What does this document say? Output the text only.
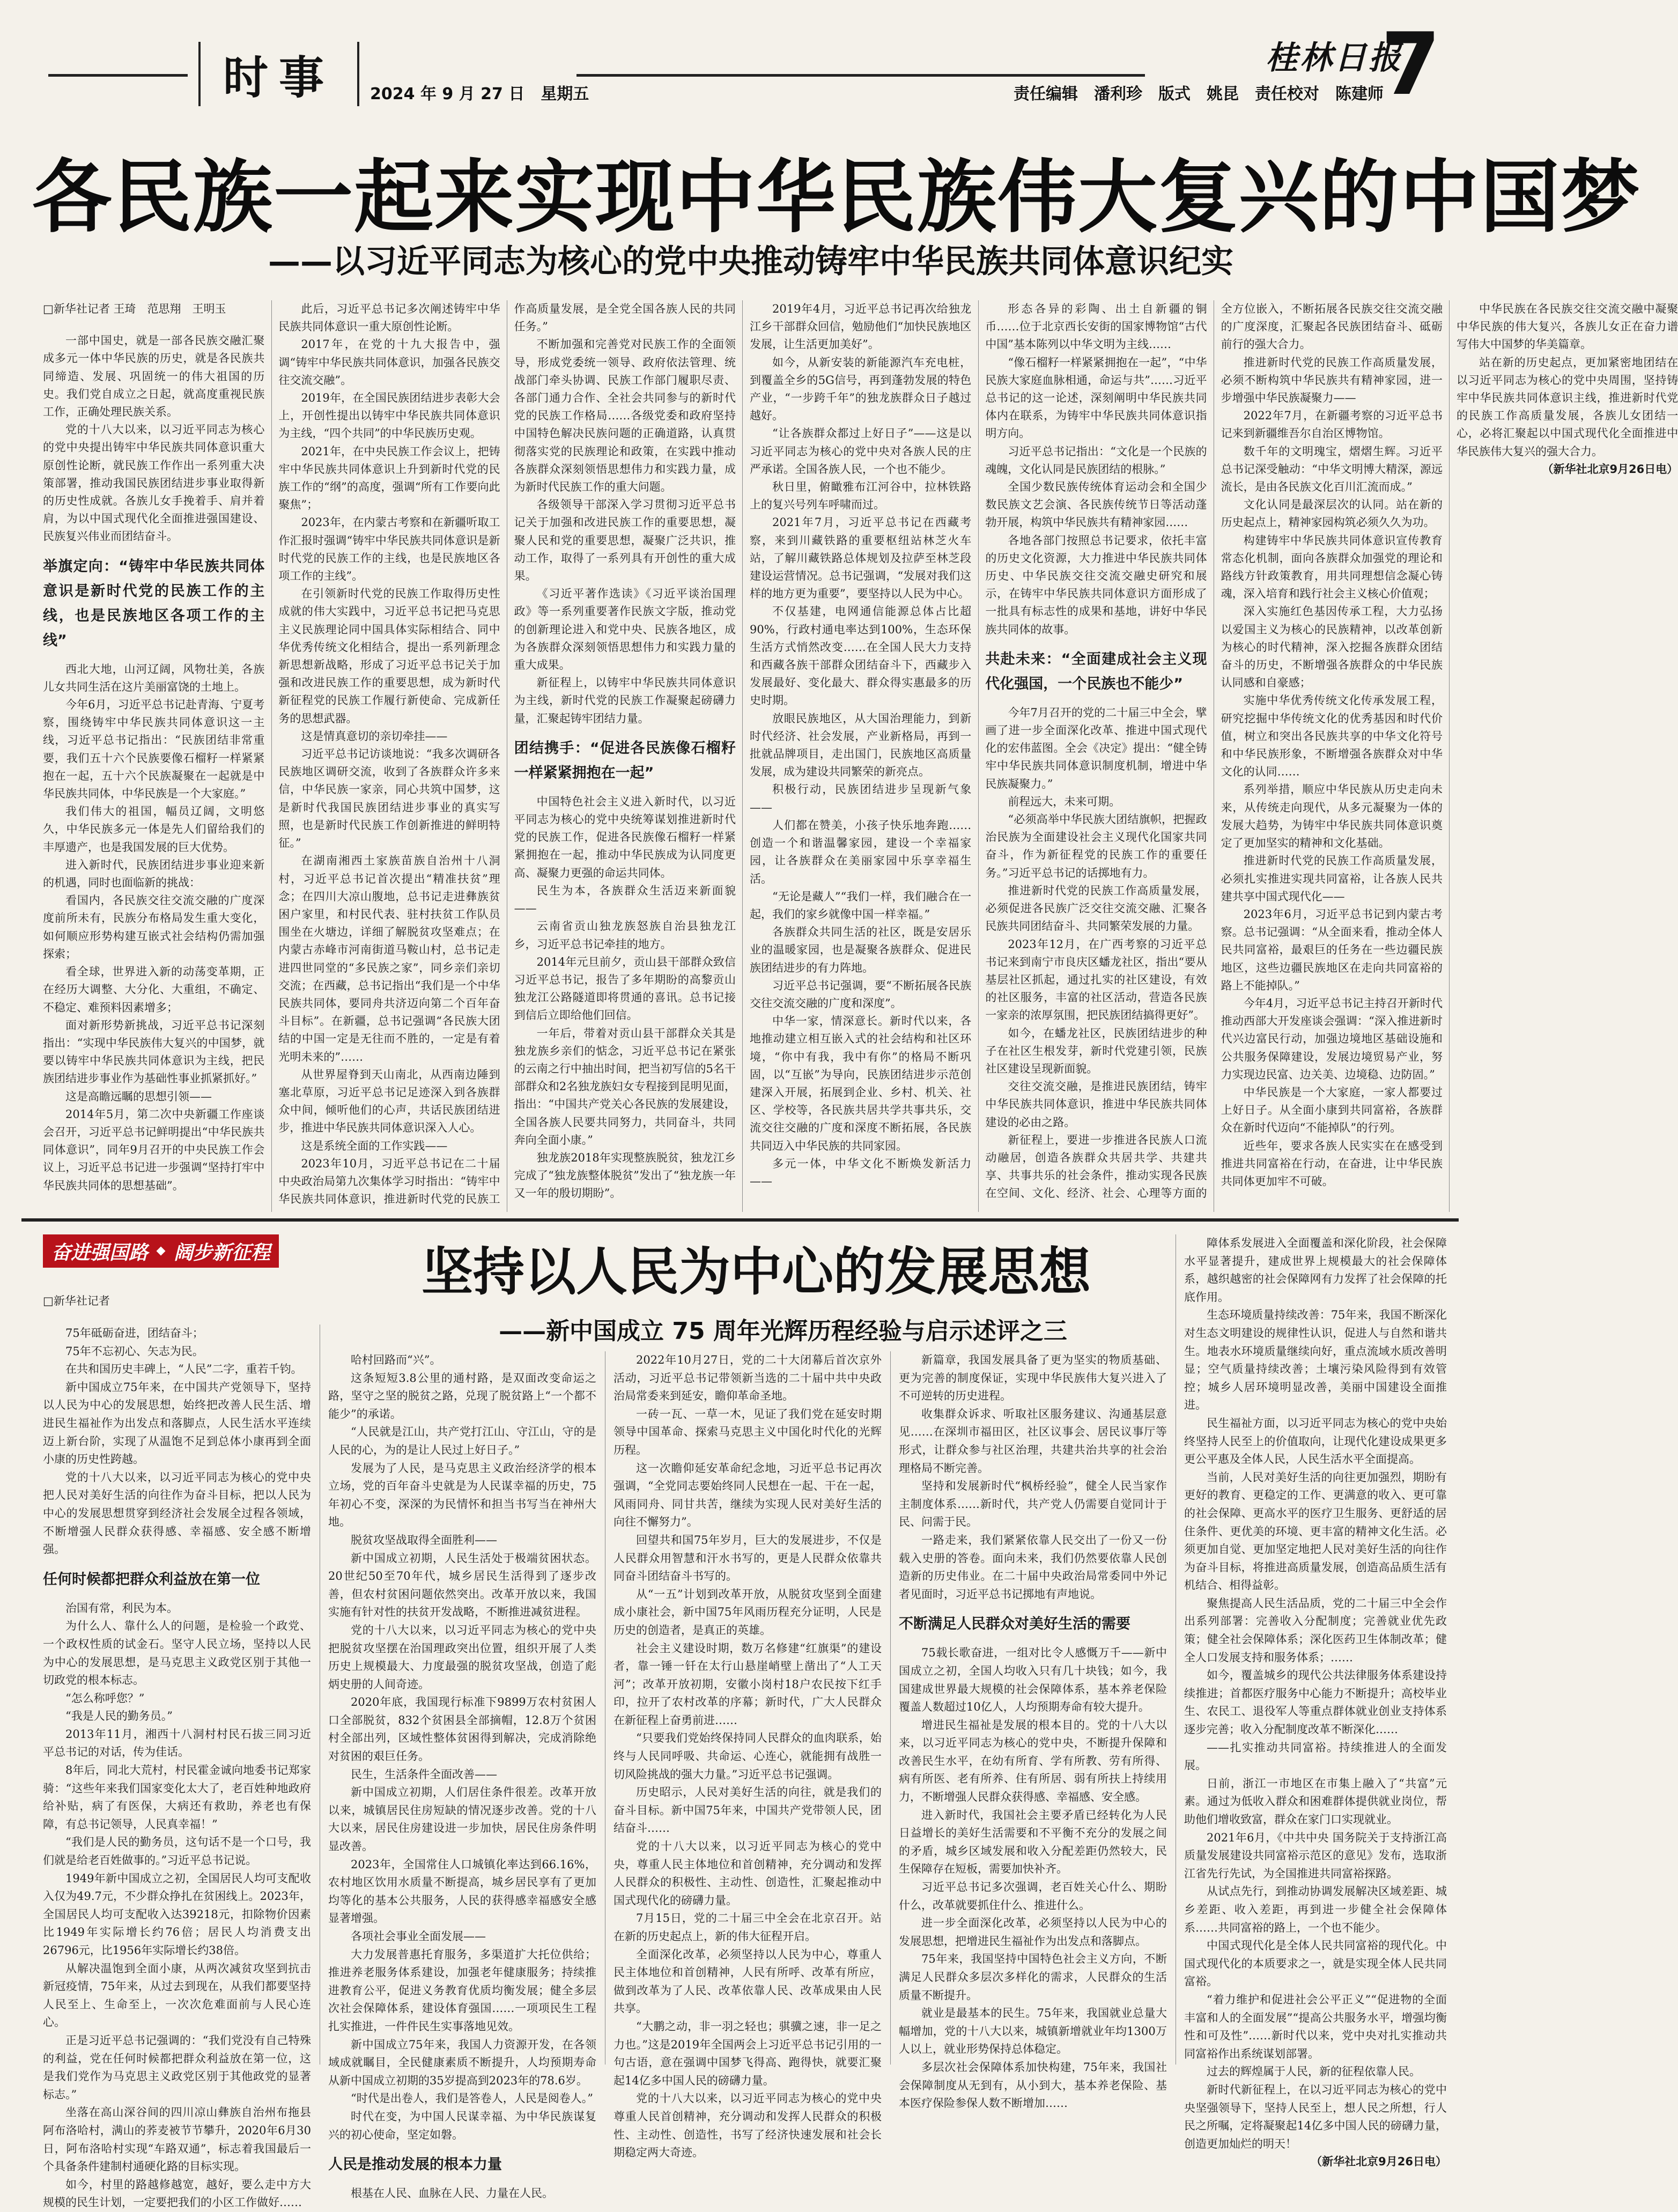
时事 2024 年 9 月 27 日　星期五
桂林日报
责任编辑　潘利珍　版式　姚昆　责任校对　陈建师
7
各民族一起来实现中华民族伟大复兴的中国梦
——以习近平同志为核心的党中央推动铸牢中华民族共同体意识纪实
□新华社记者 王琦　范思翔　王明玉

一部中国史，就是一部各民族交融汇聚成多元一体中华民族的历史，就是各民族共同缔造、发展、巩固统一的伟大祖国的历史。我们党自成立之日起，就高度重视民族工作，正确处理民族关系。

党的十八大以来，以习近平同志为核心的党中央提出铸牢中华民族共同体意识重大原创性论断，就民族工作作出一系列重大决策部署，推动我国民族团结进步事业取得新的历史性成就。各族儿女手挽着手、肩并着肩，为以中国式现代化全面推进强国建设、民族复兴伟业而团结奋斗。

举旗定向：“铸牢中华民族共同体意识是新时代党的民族工作的主线，也是民族地区各项工作的主线”

西北大地，山河辽阔，风物壮美，各族儿女共同生活在这片美丽富饶的土地上。

今年6月，习近平总书记赴青海、宁夏考察，围绕铸牢中华民族共同体意识这一主线，习近平总书记指出：“民族团结非常重要，我们五十六个民族要像石榴籽一样紧紧抱在一起，五十六个民族凝聚在一起就是中华民族共同体，中华民族是一个大家庭。”

我们伟大的祖国，幅员辽阔，文明悠久，中华民族多元一体是先人们留给我们的丰厚遗产，也是我国发展的巨大优势。

进入新时代，民族团结进步事业迎来新的机遇，同时也面临新的挑战：

看国内，各民族交往交流交融的广度深度前所未有，民族分布格局发生重大变化，如何顺应形势构建互嵌式社会结构仍需加强探索；

看全球，世界进入新的动荡变革期，正在经历大调整、大分化、大重组，不确定、不稳定、难预料因素增多；

面对新形势新挑战，习近平总书记深刻指出：“实现中华民族伟大复兴的中国梦，就要以铸牢中华民族共同体意识为主线，把民族团结进步事业作为基础性事业抓紧抓好。”

这是高瞻远瞩的思想引领——

2014年5月，第二次中央新疆工作座谈会召开，习近平总书记鲜明提出“中华民族共同体意识”，同年9月召开的中央民族工作会议上，习近平总书记进一步强调“坚持打牢中华民族共同体的思想基础”。

此后，习近平总书记多次阐述铸牢中华民族共同体意识一重大原创性论断。

2017年，在党的十九大报告中，强调“铸牢中华民族共同体意识，加强各民族交往交流交融”。

2019年，在全国民族团结进步表彰大会上，开创性提出以铸牢中华民族共同体意识为主线，“四个共同”的中华民族历史观。

2021年，在中央民族工作会议上，把铸牢中华民族共同体意识上升到新时代党的民族工作的“纲”的高度，强调“所有工作要向此聚焦”；

2023年，在内蒙古考察和在新疆听取工作汇报时强调“铸牢中华民族共同体意识是新时代党的民族工作的主线，也是民族地区各项工作的主线”。

在引领新时代党的民族工作取得历史性成就的伟大实践中，习近平总书记把马克思主义民族理论同中国具体实际相结合、同中华优秀传统文化相结合，提出一系列新理念新思想新战略，形成了习近平总书记关于加强和改进民族工作的重要思想，成为新时代新征程党的民族工作履行新使命、完成新任务的思想武器。

这是情真意切的亲切牵挂——

习近平总书记访谈地说：“我多次调研各民族地区调研交流，收到了各族群众许多来信，中华民族一家亲，同心共筑中国梦，这是新时代我国民族团结进步事业的真实写照，也是新时代民族工作创新推进的鲜明特征。”

在湖南湘西土家族苗族自治州十八洞村，习近平总书记首次提出“精准扶贫”理念；在四川大凉山腹地，总书记走进彝族贫困户家里，和村民代表、驻村扶贫工作队员围坐在火塘边，详细了解脱贫攻坚难点；在内蒙古赤峰市河南街道马鞍山村，总书记走进四世同堂的“多民族之家”，同乡亲们亲切交流；在西藏，总书记指出“我们是一个中华民族共同体，要同舟共济迈向第二个百年奋斗目标”。在新疆，总书记强调“各民族大团结的中国一定是无往而不胜的，一定是有着光明未来的”……

从世界屋脊到天山南北，从西南边陲到塞北草原，习近平总书记足迹深入到各族群众中间，倾听他们的心声，共话民族团结进步，推进中华民族共同体意识深入人心。

这是系统全面的工作实践——

2023年10月，习近平总书记在二十届中央政治局第九次集体学习时指出：“铸牢中华民族共同体意识，推进新时代党的民族工作高质量发展，是全党全国各族人民的共同任务。”

不断加强和完善党对民族工作的全面领导，形成党委统一领导、政府依法管理、统战部门牵头协调、民族工作部门履职尽责、各部门通力合作、全社会共同参与的新时代党的民族工作格局……各级党委和政府坚持中国特色解决民族问题的正确道路，认真贯彻落实党的民族理论和政策，在实践中推动各族群众深刻领悟思想伟力和实践力量，成为新时代民族工作的重大问题。

各级领导干部深入学习贯彻习近平总书记关于加强和改进民族工作的重要思想，凝聚人民和党的重要思想，凝聚广泛共识，推动工作，取得了一系列具有开创性的重大成果。

《习近平著作选读》《习近平谈治国理政》等一系列重要著作民族文字版，推动党的创新理论进入和党中央、民族各地区，成为各族群众深刻领悟思想伟力和实践力量的重大成果。

新征程上，以铸牢中华民族共同体意识为主线，新时代党的民族工作凝聚起磅礴力量，汇聚起铸牢团结力量。

团结携手：“促进各民族像石榴籽一样紧紧拥抱在一起”

中国特色社会主义进入新时代，以习近平同志为核心的党中央统筹谋划推进新时代党的民族工作，促进各民族像石榴籽一样紧紧拥抱在一起，推动中华民族成为认同度更高、凝聚力更强的命运共同体。

民生为本，各族群众生活迈来新面貌——

云南省贡山独龙族怒族自治县独龙江乡，习近平总书记牵挂的地方。

2014年元旦前夕，贡山县干部群众致信习近平总书记，报告了多年期盼的高黎贡山独龙江公路隧道即将贯通的喜讯。总书记接到信后立即给他们回信。

一年后，带着对贡山县干部群众关其是独龙族乡亲们的惦念，习近平总书记在紧张的云南之行中抽出时间，把当初写信的5名干部群众和2名独龙族妇女专程接到昆明见面，指出：“中国共产党关心各民族的发展建设，全国各族人民要共同努力，共同奋斗，共同奔向全面小康。”

独龙族2018年实现整族脱贫，独龙江乡完成了“独龙族整体脱贫”发出了“独龙族一年又一年的殷切期盼”。

2019年4月，习近平总书记再次给独龙江乡干部群众回信，勉励他们“加快民族地区发展，让生活更加美好”。

如今，从新安装的新能源汽车充电桩，到覆盖全乡的5G信号，再到蓬勃发展的特色产业，“一步跨千年”的独龙族群众日子越过越好。

“让各族群众都过上好日子”——这是以习近平同志为核心的党中央对各族人民的庄严承诺。全国各族人民，一个也不能少。

秋日里，俯瞰雅布江河谷中，拉林铁路上的复兴号列车呼啸而过。

2021年7月，习近平总书记在西藏考察，来到川藏铁路的重要枢纽站林芝火车站，了解川藏铁路总体规划及拉萨至林芝段建设运营情况。总书记强调，“发展对我们这样的地方更为重要”，要坚持以人民为中心。

不仅基建，电网通信能源总体占比超90%，行政村通电率达到100%，生态环保生活方式悄然改变……在全国人民大力支持和西藏各族干部群众团结奋斗下，西藏步入发展最好、变化最大、群众得实惠最多的历史时期。

放眼民族地区，从大国治理能力，到新时代经济、社会发展，产业新格局，再到一批就品牌项目，走出国门，民族地区高质量发展，成为建设共同繁荣的新亮点。

积极行动，民族团结进步呈现新气象——

人们都在赞美，小孩子快乐地奔跑……创造一个和谐温馨家园，建设一个幸福家园，让各族群众在美丽家园中乐享幸福生活。

“无论是藏人”“我们一样，我们融合在一起，我们的家乡就像中国一样幸福。”

各族群众共同生活的社区，既是安居乐业的温暖家园，也是凝聚各族群众、促进民族团结进步的有力阵地。

习近平总书记强调，要“不断拓展各民族交往交流交融的广度和深度”。

中华一家，情深意长。新时代以来，各地推动建立相互嵌入式的社会结构和社区环境，“你中有我，我中有你”的格局不断巩固，以“互嵌”为导向，民族团结进步示范创建深入开展，拓展到企业、乡村、机关、社区、学校等，各民族共居共学共事共乐，交流交往交融的广度和深度不断拓展，各民族共同迈入中华民族的共同家园。

多元一体，中华文化不断焕发新活力——

形态各异的彩陶、出土自新疆的铜币……位于北京西长安街的国家博物馆“古代中国”基本陈列以中华文明为主线……

“像石榴籽一样紧紧拥抱在一起”，“中华民族大家庭血脉相通，命运与共”……习近平总书记的这一论述，深刻阐明中华民族共同体内在联系，为铸牢中华民族共同体意识指明方向。

习近平总书记指出：“文化是一个民族的魂魄，文化认同是民族团结的根脉。”

全国少数民族传统体育运动会和全国少数民族文艺会演、各民族传统节日等活动蓬勃开展，构筑中华民族共有精神家园……

各地各部门按照总书记要求，依托丰富的历史文化资源，大力推进中华民族共同体历史、中华民族交往交流交融史研究和展示，在铸牢中华民族共同体意识方面形成了一批具有标志性的成果和基地，讲好中华民族共同体的故事。

共赴未来：“全面建成社会主义现代化强国，一个民族也不能少”

今年7月召开的党的二十届三中全会，擘画了进一步全面深化改革、推进中国式现代化的宏伟蓝图。全会《决定》提出：“健全铸牢中华民族共同体意识制度机制，增进中华民族凝聚力。”

前程远大，未来可期。

“必须高举中华民族大团结旗帜，把握政治民族为全面建设社会主义现代化国家共同奋斗，作为新征程党的民族工作的重要任务。”习近平总书记的话掷地有力。

推进新时代党的民族工作高质量发展，必须促进各民族广泛交往交流交融、汇聚各民族共同团结奋斗、共同繁荣发展的力量。

2023年12月，在广西考察的习近平总书记来到南宁市良庆区蟠龙社区，指出“要从基层社区抓起，通过扎实的社区建设，有效的社区服务，丰富的社区活动，营造各民族一家亲的浓厚氛围，把民族团结搞得更好”。

如今，在蟠龙社区，民族团结进步的种子在社区生根发芽，新时代党建引领，民族社区建设呈现新面貌。

交往交流交融，是推进民族团结，铸牢中华民族共同体意识，推进中华民族共同体建设的必由之路。

新征程上，要进一步推进各民族人口流动融居，创造各族群众共居共学、共建共享、共事共乐的社会条件，推动实现各民族在空间、文化、经济、社会、心理等方面的全方位嵌入，不断拓展各民族交往交流交融的广度深度，汇聚起各民族团结奋斗、砥砺前行的强大合力。

推进新时代党的民族工作高质量发展，必须不断构筑中华民族共有精神家园，进一步增强中华民族凝聚力——

2022年7月，在新疆考察的习近平总书记来到新疆维吾尔自治区博物馆。

数千年的文明瑰宝，熠熠生辉。习近平总书记深受触动：“中华文明博大精深，源远流长，是由各民族文化百川汇流而成。”

文化认同是最深层次的认同。站在新的历史起点上，精神家园构筑必须久久为功。

构建铸牢中华民族共同体意识宣传教育常态化机制，面向各族群众加强党的理论和路线方针政策教育，用共同理想信念凝心铸魂，深入培育和践行社会主义核心价值观；

深入实施红色基因传承工程，大力弘扬以爱国主义为核心的民族精神，以改革创新为核心的时代精神，深入挖掘各族群众团结奋斗的历史，不断增强各族群众的中华民族认同感和自豪感；

实施中华优秀传统文化传承发展工程，研究挖掘中华传统文化的优秀基因和时代价值，树立和突出各民族共享的中华文化符号和中华民族形象，不断增强各族群众对中华文化的认同……

系列举措，顺应中华民族从历史走向未来，从传统走向现代，从多元凝聚为一体的发展大趋势，为铸牢中华民族共同体意识奠定了更加坚实的精神和文化基础。

推进新时代党的民族工作高质量发展，必须扎实推进实现共同富裕，让各族人民共建共享中国式现代化——

2023年6月，习近平总书记到内蒙古考察。总书记强调：“从全面来看，推动全体人民共同富裕，最艰巨的任务在一些边疆民族地区，这些边疆民族地区在走向共同富裕的路上不能掉队。”

今年4月，习近平总书记主持召开新时代推动西部大开发座谈会强调：“深入推进新时代兴边富民行动，加强边境地区基础设施和公共服务保障建设，发展边境贸易产业，努力实现边民富、边关美、边境稳、边防固。”

中华民族是一个大家庭，一家人都要过上好日子。从全面小康到共同富裕，各族群众在新时代迈向“不能掉队”的行列。

近些年，要求各族人民实实在在感受到推进共同富裕在行动，在奋进，让中华民族共同体更加牢不可破。

中华民族在各民族交往交流交融中凝聚中华民族的伟大复兴，各族儿女正在奋力谱写伟大中国梦的华美篇章。

站在新的历史起点，更加紧密地团结在以习近平同志为核心的党中央周围，坚持铸牢中华民族共同体意识主线，推进新时代党的民族工作高质量发展，各族儿女团结一心，必将汇聚起以中国式现代化全面推进中华民族伟大复兴的强大合力。

（新华社北京9月26日电）

奋进强国路 阔步新征程	坚持以人民为中心的发展思想
——新中国成立 75 周年光辉历程经验与启示述评之三
□新华社记者

75年砥砺奋进，团结奋斗；

75年不忘初心、矢志为民。

在共和国历史丰碑上，“人民”二字，重若千钧。

新中国成立75年来，在中国共产党领导下，坚持以人民为中心的发展思想，始终把改善人民生活、增进民生福祉作为出发点和落脚点，人民生活水平连续迈上新台阶，实现了从温饱不足到总体小康再到全面小康的历史性跨越。

党的十八大以来，以习近平同志为核心的党中央把人民对美好生活的向往作为奋斗目标，把以人民为中心的发展思想贯穿到经济社会发展全过程各领域，不断增强人民群众获得感、幸福感、安全感不断增强。

任何时候都把群众利益放在第一位

治国有常，利民为本。

为什么人、靠什么人的问题，是检验一个政党、一个政权性质的试金石。坚守人民立场，坚持以人民为中心的发展思想，是马克思主义政党区别于其他一切政党的根本标志。

“怎么称呼您？”

“我是人民的勤务员。”

2013年11月，湘西十八洞村村民石拔三同习近平总书记的对话，传为佳话。

8年后，同北大荒村，村民霍金诚向地委书记郑家骑：“这些年来我们国家变化太大了，老百姓种地政府给补贴，病了有医保，大病还有救助，养老也有保障，有总书记领导，人民真幸福！”

“我们是人民的勤务员，这句话不是一个口号，我们就是给老百姓做事的。”习近平总书记说。

1949年新中国成立之初，全国居民人均可支配收入仅为49.7元，不少群众挣扎在贫困线上。2023年，全国居民人均可支配收入达39218元，扣除物价因素比1949年实际增长约76倍；居民人均消费支出26796元，比1956年实际增长约38倍。

从解决温饱到全面小康，从两次减贫攻坚到抗击新冠疫情，75年来，从过去到现在，从我们都要坚持人民至上、生命至上，一次次危难面前与人民心连心。

正是习近平总书记强调的：“我们党没有自己特殊的利益，党在任何时候都把群众利益放在第一位，这是我们党作为马克思主义政党区别于其他政党的显著标志。”

坐落在高山深谷间的四川凉山彝族自治州布拖县阿布洛哈村，满山的荞麦被节节攀升，2020年6月30日，阿布洛哈村实现“车路双通”，标志着我国最后一个具备条件建制村通硬化路的目标实现。

如今，村里的路越修越宽，越好，要么走中方大规模的民生计划，一定要把我们的小区工作做好……

哈村回路而“兴”。

这条短短3.8公里的通村路，是双面改变命运之路，坚守之坚的脱贫之路，兑现了脱贫路上“一个都不能少”的承诺。

“人民就是江山，共产党打江山、守江山，守的是人民的心，为的是让人民过上好日子。”

发展为了人民，是马克思主义政治经济学的根本立场，党的百年奋斗史就是为人民谋幸福的历史，75年初心不变，深深的为民情怀和担当书写当在神州大地。

脱贫攻坚战取得全面胜利——

新中国成立初期，人民生活处于极端贫困状态。20世纪50至70年代，城乡居民生活得到了逐步改善，但农村贫困问题依然突出。改革开放以来，我国实施有针对性的扶贫开发战略，不断推进减贫进程。

党的十八大以来，以习近平同志为核心的党中央把脱贫攻坚摆在治国理政突出位置，组织开展了人类历史上规模最大、力度最强的脱贫攻坚战，创造了彪炳史册的人间奇迹。

2020年底，我国现行标准下9899万农村贫困人口全部脱贫，832个贫困县全部摘帽，12.8万个贫困村全部出列，区域性整体贫困得到解决，完成消除绝对贫困的艰巨任务。

民生，生活条件全面改善——

新中国成立初期，人们居住条件很差。改革开放以来，城镇居民住房短缺的情况逐步改善。党的十八大以来，居民住房建设进一步加快，居民住房条件明显改善。

2023年，全国常住人口城镇化率达到66.16%，农村地区饮用水质量不断提高，城乡居民享有了更加均等化的基本公共服务，人民的获得感幸福感安全感显著增强。

各项社会事业全面发展——

大力发展普惠托育服务，多渠道扩大托位供给；推进养老服务体系建设，加强老年健康服务；持续推进教育公平，促进义务教育优质均衡发展；健全多层次社会保障体系，建设体育强国……一项项民生工程扎实推进，一件件民生实事落地见效。

新中国成立75年来，我国人力资源开发，在各领域成就瞩目，全民健康素质不断提升，人均预期寿命从新中国成立初期的35岁提高到2023年的78.6岁。

“时代是出卷人，我们是答卷人，人民是阅卷人。”

时代在变，为中国人民谋幸福、为中华民族谋复兴的初心使命，坚定如磐。

人民是推动发展的根本力量

根基在人民、血脉在人民、力量在人民。

2022年10月27日，党的二十大闭幕后首次京外活动，习近平总书记带领新当选的二十届中共中央政治局常委来到延安，瞻仰革命圣地。

一砖一瓦、一草一木，见证了我们党在延安时期领导中国革命、探索马克思主义中国化时代化的光辉历程。

这一次瞻仰延安革命纪念地，习近平总书记再次强调，“全党同志要始终同人民想在一起、干在一起，风雨同舟、同甘共苦，继续为实现人民对美好生活的向往不懈努力”。

回望共和国75年岁月，巨大的发展进步，不仅是人民群众用智慧和汗水书写的，更是人民群众依靠共同奋斗团结奋斗书写的。

从“一五”计划到改革开放，从脱贫攻坚到全面建成小康社会，新中国75年风雨历程充分证明，人民是历史的创造者，是真正的英雄。

社会主义建设时期，数万名修建“红旗渠”的建设者，靠一锤一钎在太行山悬崖峭壁上凿出了“人工天河”；改革开放初期，安徽小岗村18户农民按下红手印，拉开了农村改革的序幕；新时代，广大人民群众在新征程上奋勇前进……

“只要我们党始终保持同人民群众的血肉联系，始终与人民同呼吸、共命运、心连心，就能拥有战胜一切风险挑战的强大力量。”习近平总书记强调。

历史昭示，人民对美好生活的向往，就是我们的奋斗目标。新中国75年来，中国共产党带领人民，团结奋斗……

党的十八大以来，以习近平同志为核心的党中央，尊重人民主体地位和首创精神，充分调动和发挥人民群众的积极性、主动性、创造性，汇聚起推动中国式现代化的磅礴力量。

7月15日，党的二十届三中全会在北京召开。站在新的历史起点上，新的伟大征程开启。

全面深化改革，必须坚持以人民为中心，尊重人民主体地位和首创精神，人民有所呼、改革有所应，做到改革为了人民、改革依靠人民、改革成果由人民共享。

“大鹏之动，非一羽之轻也；骐骥之速，非一足之力也。”这是2019年全国两会上习近平总书记引用的一句古语，意在强调中国梦飞得高、跑得快，就要汇聚起14亿多中国人民的磅礴力量。

党的十八大以来，以习近平同志为核心的党中央尊重人民首创精神，充分调动和发挥人民群众的积极性、主动性、创造性，书写了经济快速发展和社会长期稳定两大奇迹。

新篇章，我国发展具备了更为坚实的物质基础、更为完善的制度保证，实现中华民族伟大复兴进入了不可逆转的历史进程。

收集群众诉求、听取社区服务建议、沟通基层意见……在深圳市福田区，社区议事会、居民议事厅等形式，让群众参与社区治理，共建共治共享的社会治理格局不断完善。

坚持和发展新时代“枫桥经验”，健全人民当家作主制度体系……新时代，共产党人仍需要自觉同计于民、问需于民。

一路走来，我们紧紧依靠人民交出了一份又一份载入史册的答卷。面向未来，我们仍然要依靠人民创造新的历史伟业。在二十届中央政治局常委同中外记者见面时，习近平总书记掷地有声地说。

不断满足人民群众对美好生活的需要

75载长歌奋进，一组对比令人感慨万千——新中国成立之初，全国人均收入只有几十块钱；如今，我国建成世界最大规模的社会保障体系，基本养老保险覆盖人数超过10亿人，人均预期寿命有较大提升。

增进民生福祉是发展的根本目的。党的十八大以来，以习近平同志为核心的党中央，不断提升保障和改善民生水平，在幼有所育、学有所教、劳有所得、病有所医、老有所养、住有所居、弱有所扶上持续用力，不断增强人民群众获得感、幸福感、安全感。

进入新时代，我国社会主要矛盾已经转化为人民日益增长的美好生活需要和不平衡不充分的发展之间的矛盾，城乡区域发展和收入分配差距仍然较大，民生保障存在短板，需要加快补齐。

习近平总书记多次强调，老百姓关心什么、期盼什么，改革就要抓住什么、推进什么。

进一步全面深化改革，必须坚持以人民为中心的发展思想，把增进民生福祉作为出发点和落脚点。

75年来，我国坚持中国特色社会主义方向，不断满足人民群众多层次多样化的需求，人民群众的生活质量不断提升。

就业是最基本的民生。75年来，我国就业总量大幅增加，党的十八大以来，城镇新增就业年均1300万人以上，就业形势保持总体稳定。

多层次社会保障体系加快构建，75年来，我国社会保障制度从无到有，从小到大，基本养老保险、基本医疗保险参保人数不断增加……

障体系发展进入全面覆盖和深化阶段，社会保障水平显著提升，建成世界上规模最大的社会保障体系，越织越密的社会保障网有力发挥了社会保障的托底作用。

生态环境质量持续改善：75年来，我国不断深化对生态文明建设的规律性认识，促进人与自然和谐共生。地表水环境质量继续向好，重点流域水质改善明显；空气质量持续改善；土壤污染风险得到有效管控；城乡人居环境明显改善，美丽中国建设全面推进。

民生福祉方面，以习近平同志为核心的党中央始终坚持人民至上的价值取向，让现代化建设成果更多更公平惠及全体人民，人民生活水平全面提高。

当前，人民对美好生活的向往更加强烈，期盼有更好的教育、更稳定的工作、更满意的收入、更可靠的社会保障、更高水平的医疗卫生服务、更舒适的居住条件、更优美的环境、更丰富的精神文化生活。必须更加自觉、更加坚定地把人民对美好生活的向往作为奋斗目标，将推进高质量发展，创造高品质生活有机结合、相得益彰。

聚焦提高人民生活品质，党的二十届三中全会作出系列部署：完善收入分配制度；完善就业优先政策；健全社会保障体系；深化医药卫生体制改革；健全人口发展支持和服务体系；……

如今，覆盖城乡的现代公共法律服务体系建设持续推进；首都医疗服务中心能力不断提升；高校毕业生、农民工、退役军人等重点群体就业创业支持体系逐步完善；收入分配制度改革不断深化……

——扎实推动共同富裕。持续推进人的全面发展。

日前，浙江一市地区在市集上融入了“共富”元素。通过为低收入群众和困难群体提供就业岗位，帮助他们增收致富，群众在家门口实现就业。

2021年6月，《中共中央 国务院关于支持浙江高质量发展建设共同富裕示范区的意见》发布，选取浙江省先行先试，为全国推进共同富裕探路。

从试点先行，到推动协调发展解决区域差距、城乡差距、收入差距，再到进一步健全社会保障体系……共同富裕的路上，一个也不能少。

中国式现代化是全体人民共同富裕的现代化。中国式现代化的本质要求之一，就是实现全体人民共同富裕。

“着力维护和促进社会公平正义”“促进物的全面丰富和人的全面发展”“提高公共服务水平，增强均衡性和可及性”……新时代以来，党中央对扎实推动共同富裕作出系统谋划部署。

过去的辉煌属于人民，新的征程依靠人民。

新时代新征程上，在以习近平同志为核心的党中央坚强领导下，坚持人民至上，想人民之所想，行人民之所嘱，定将凝聚起14亿多中国人民的磅礴力量，创造更加灿烂的明天！

（新华社北京9月26日电）
